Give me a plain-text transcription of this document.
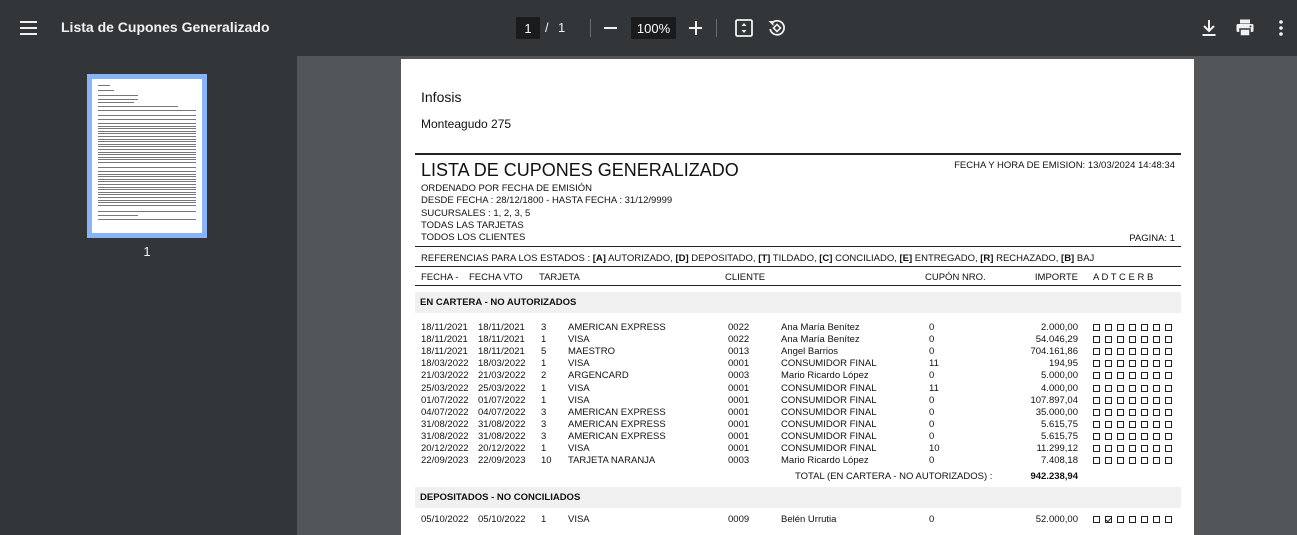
Lista de Cupones Generalizado
1	/ 1
100%
1
Infosis
Monteagudo 275
LISTA DE CUPONES GENERALIZADO	FECHA Y HORA DE EMISION: 13/03/2024 14:48:34
ORDENADO POR FECHA DE EMISIÓN
DESDE FECHA : 28/12/1800 - HASTA FECHA : 31/12/9999
SUCURSALES : 1, 2, 3, 5
TODAS LAS TARJETAS
TODOS LOS CLIENTES	PAGINA: 1
REFERENCIAS PARA LOS ESTADOS : [A] AUTORIZADO, [D] DEPOSITADO, [T] TILDADO, [C] CONCILIADO, [E] ENTREGADO, [R] RECHAZADO, [B] BAJ
FECHA - FECHA VTO TARJETA	CLIENTE	CUPÓN NRO.	IMPORTE A D T C E R B
EN CARTERA - NO AUTORIZADOS
18/11/2021 18/11/2021 3 AMERICAN EXPRESS	0022	Ana María Benítez	0	2.000,00
18/11/2021 18/11/2021 1 VISA	0022	Ana María Benítez	0	54.046,29
18/11/2021 18/11/2021 5 MAESTRO	0013	Angel Barrios	0	704.161,86
18/03/2022 18/03/2022 1 VISA	0001	CONSUMIDOR FINAL	11	194,95
21/03/2022 21/03/2022 2 ARGENCARD	0003	Mario Ricardo López	0	5.000,00
25/03/2022 25/03/2022 1 VISA	0001	CONSUMIDOR FINAL	11	4.000,00
01/07/2022 01/07/2022 1 VISA	0001	CONSUMIDOR FINAL	0	107.897,04
04/07/2022 04/07/2022 3 AMERICAN EXPRESS	0001	CONSUMIDOR FINAL	0	35.000,00
31/08/2022 31/08/2022 3 AMERICAN EXPRESS	0001	CONSUMIDOR FINAL	0	5.615,75
31/08/2022 31/08/2022 3 AMERICAN EXPRESS	0001	CONSUMIDOR FINAL	0	5.615,75
20/12/2022 20/12/2022 1 VISA	0001	CONSUMIDOR FINAL	10	11.299,12
22/09/2023 22/09/2023 10 TARJETA NARANJA	0003	Mario Ricardo López	0	7.408,18
TOTAL (EN CARTERA - NO AUTORIZADOS) :	942.238,94
DEPOSITADOS - NO CONCILIADOS
05/10/2022 05/10/2022 1 VISA	0009	Belén Urrutia	0	52.000,00
